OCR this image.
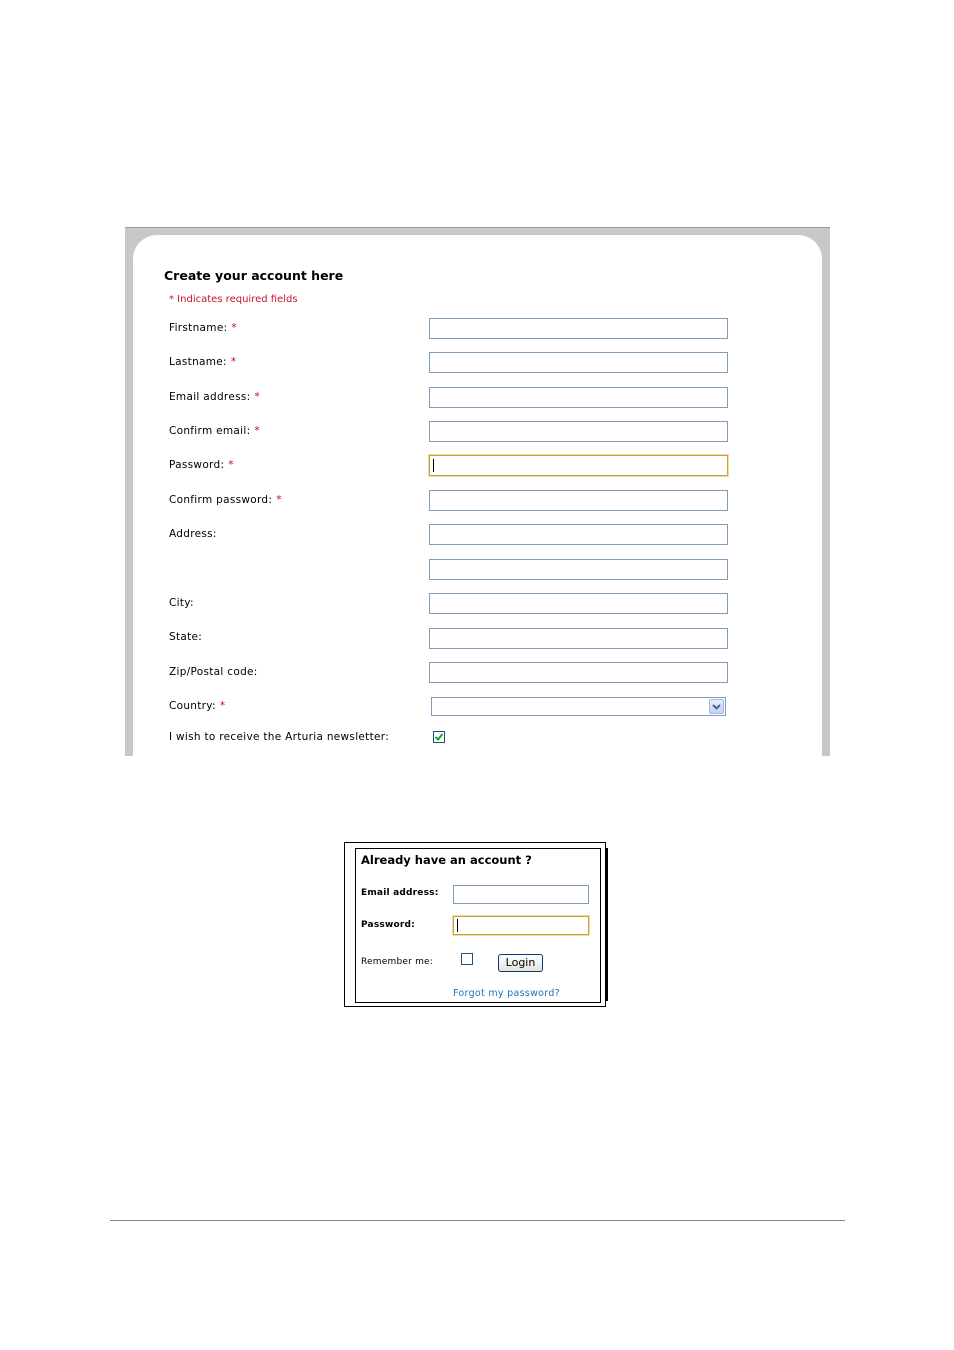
Create your account here
* Indicates required fields
Firstname: *
Lastname: *
Email address: *
Confirm email: *
Password: *
Confirm password: *
Address:
City:
State:
Zip/Postal code:
Country: *
I wish to receive the Arturia newsletter:
Already have an account ?
Email address:
Password:
Remember me:	Login
Forgot my password?
